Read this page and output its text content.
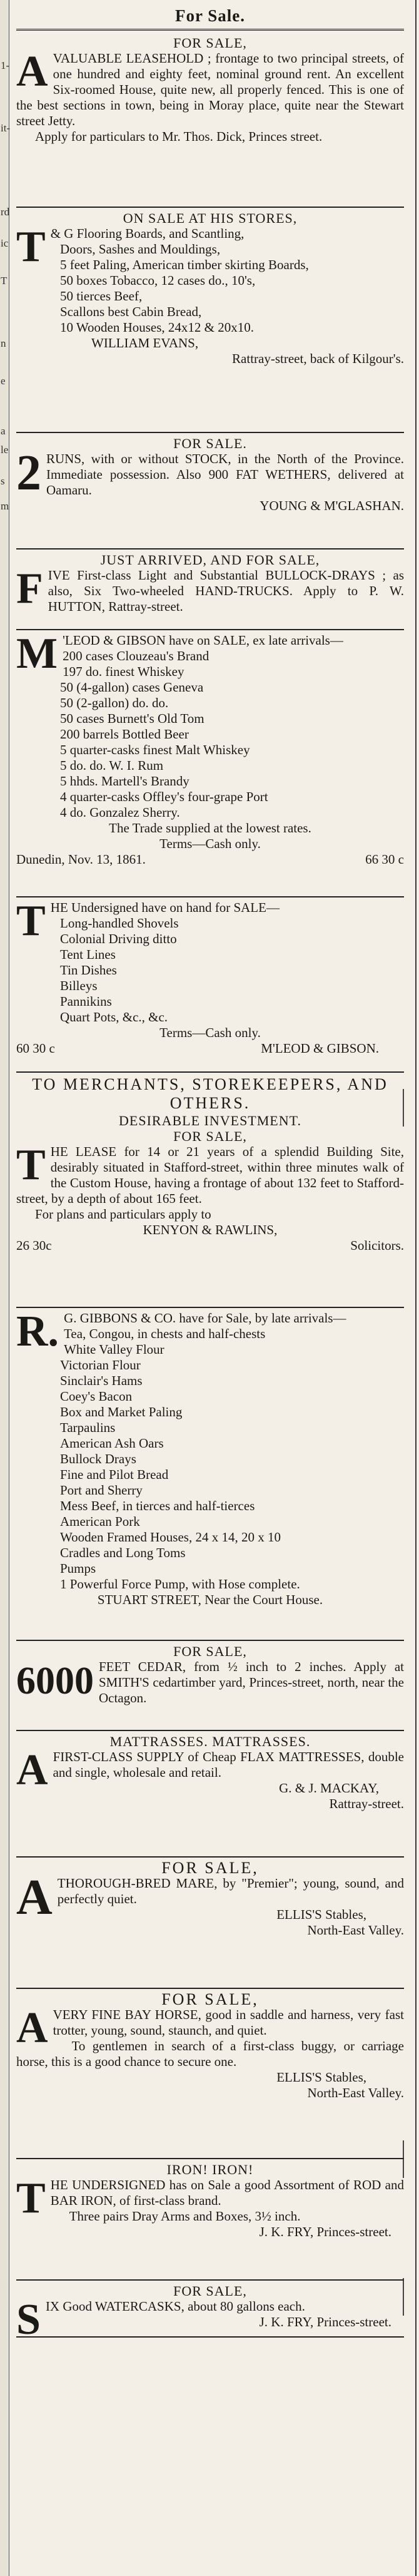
1-
it-
rd
ic
T
n
e
a
le
s
m
For Sale.
FOR SALE,
AVALUABLE LEASEHOLD ; frontage to two principal streets, of one hundred and eighty feet, nominal ground rent. An excellent Six-roomed House, quite new, all properly fenced. This is one of the best sections in town, being in Moray place, quite near the Stewart street Jetty.
Apply for particulars to Mr. Thos. Dick, Princes street.
ON SALE AT HIS STORES,
T & G Flooring Boards, and Scantling,
Doors, Sashes and Mouldings,
5 feet Paling, American timber skirting Boards,
50 boxes Tobacco, 12 cases do., 10's,
50 tierces Beef,
Scallons best Cabin Bread,
10 Wooden Houses, 24x12 & 20x10.
WILLIAM EVANS,
Rattray-street, back of Kilgour's.
FOR SALE.
2 RUNS, with or without STOCK, in the North of the Province. Immediate possession. Also 900 FAT WETHERS, delivered at Oamaru.
YOUNG & M'GLASHAN.
JUST ARRIVED, AND FOR SALE,
FIVE First-class Light and Substantial BULLOCK-DRAYS ; as also, Six Two-wheeled HAND-TRUCKS. Apply to P. W. HUTTON, Rattray-street.
M 'LEOD & GIBSON have on SALE, ex late arrivals—
200 cases Clouzeau's Brand
197 do. finest Whiskey
50 (4-gallon) cases Geneva
50 (2-gallon) do. do.
50 cases Burnett's Old Tom
200 barrels Bottled Beer
5 quarter-casks finest Malt Whiskey
5 do. do. W. I. Rum
5 hhds. Martell's Brandy
4 quarter-casks Offley's four-grape Port
4 do. Gonzalez Sherry.
The Trade supplied at the lowest rates.
Terms—Cash only.
Dunedin, Nov. 13, 1861.	66 30 c
THE Undersigned have on hand for SALE—
Long-handled Shovels
Colonial Driving ditto
Tent Lines
Tin Dishes
Billeys
Pannikins
Quart Pots, &c., &c.
Terms—Cash only.
60 30 c	M'LEOD & GIBSON.
TO MERCHANTS, STOREKEEPERS, AND OTHERS.
DESIRABLE INVESTMENT.
FOR SALE,
THE LEASE for 14 or 21 years of a splendid Building Site, desirably situated in Stafford-street, within three minutes walk of the Custom House, having a frontage of about 132 feet to Stafford-street, by a depth of about 165 feet.
For plans and particulars apply to
KENYON & RAWLINS,
26 30c	Solicitors.
R. G. GIBBONS & CO. have for Sale, by late arrivals—
Tea, Congou, in chests and half-chests
White Valley Flour
Victorian Flour
Sinclair's Hams
Coey's Bacon
Box and Market Paling
Tarpaulins
American Ash Oars
Bullock Drays
Fine and Pilot Bread
Port and Sherry
Mess Beef, in tierces and half-tierces
American Pork
Wooden Framed Houses, 24 x 14, 20 x 10
Cradles and Long Toms
Pumps
1 Powerful Force Pump, with Hose complete.
STUART STREET, Near the Court House.
FOR SALE,
6000 FEET CEDAR, from ½ inch to 2 inches. Apply at SMITH'S cedartimber yard, Princes-street, north, near the Octagon.
MATTRASSES. MATTRASSES.
AFIRST-CLASS SUPPLY of Cheap FLAX MATTRESSES, double and single, wholesale and retail.
G. & J. MACKAY,
Rattray-street.
FOR SALE,
ATHOROUGH-BRED MARE, by "Premier"; young, sound, and perfectly quiet.
ELLIS'S Stables,
North-East Valley.
FOR SALE,
AVERY FINE BAY HORSE, good in saddle and harness, very fast trotter, young, sound, staunch, and quiet.
To gentlemen in search of a first-class buggy, or carriage horse, this is a good chance to secure one.
ELLIS'S Stables,
North-East Valley.
IRON! IRON!
THE UNDERSIGNED has on Sale a good Assortment of ROD and BAR IRON, of first-class brand.
Three pairs Dray Arms and Boxes, 3½ inch.
J. K. FRY, Princes-street.
FOR SALE,
SIX Good WATERCASKS, about 80 gallons each.
J. K. FRY, Princes-street.
